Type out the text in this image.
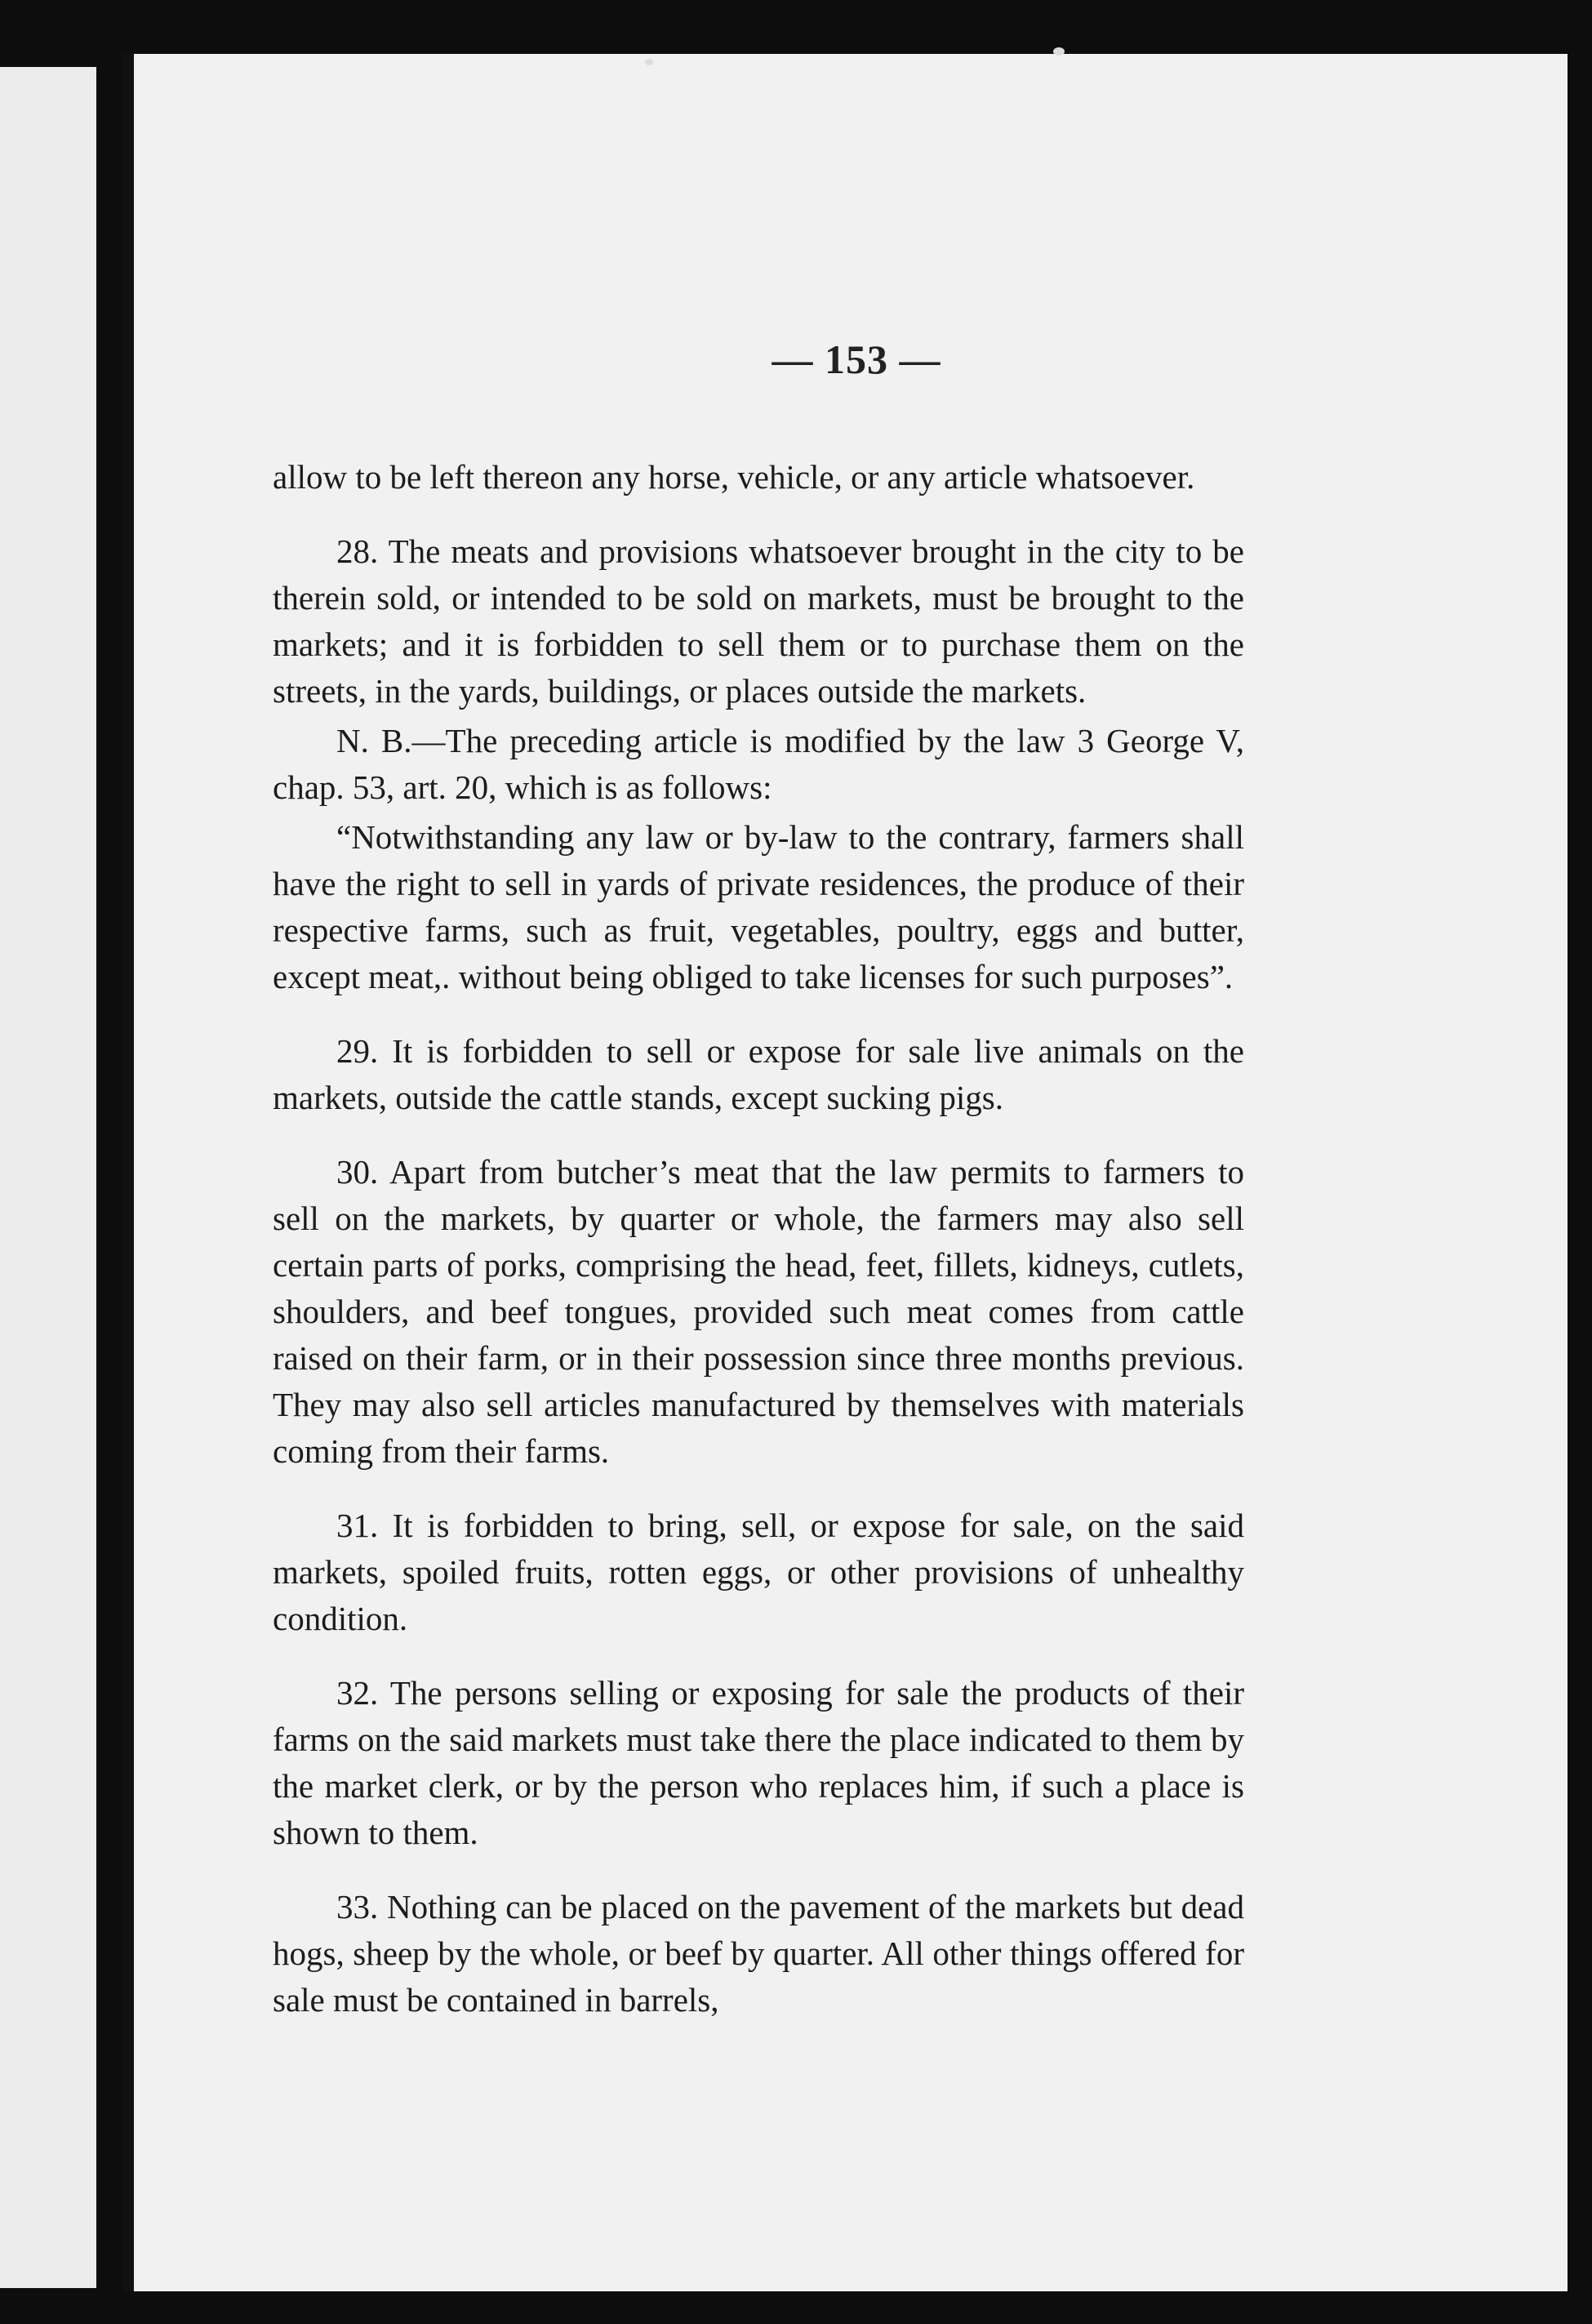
— 153 —

allow to be left thereon any horse, vehicle, or any article whatsoever.

28. The meats and provisions whatsoever brought in the city to be therein sold, or intended to be sold on markets, must be brought to the markets; and it is forbidden to sell them or to purchase them on the streets, in the yards, buildings, or places outside the markets.

N. B.—The preceding article is modified by the law 3 George V, chap. 53, art. 20, which is as follows:

“Notwithstanding any law or by-law to the contrary, farmers shall have the right to sell in yards of private residences, the produce of their respective farms, such as fruit, vegetables, poultry, eggs and butter, except meat,. without being obliged to take licenses for such purposes”.

29. It is forbidden to sell or expose for sale live animals on the markets, outside the cattle stands, except sucking pigs.

30. Apart from butcher’s meat that the law permits to farmers to sell on the markets, by quarter or whole, the farmers may also sell certain parts of porks, comprising the head, feet, fillets, kidneys, cutlets, shoulders, and beef tongues, provided such meat comes from cattle raised on their farm, or in their possession since three months previous. They may also sell articles manufactured by themselves with materials coming from their farms.

31. It is forbidden to bring, sell, or expose for sale, on the said markets, spoiled fruits, rotten eggs, or other provisions of unhealthy condition.

32. The persons selling or exposing for sale the products of their farms on the said markets must take there the place indicated to them by the market clerk, or by the person who replaces him, if such a place is shown to them.

33. Nothing can be placed on the pavement of the markets but dead hogs, sheep by the whole, or beef by quarter. All other things offered for sale must be contained in barrels,
